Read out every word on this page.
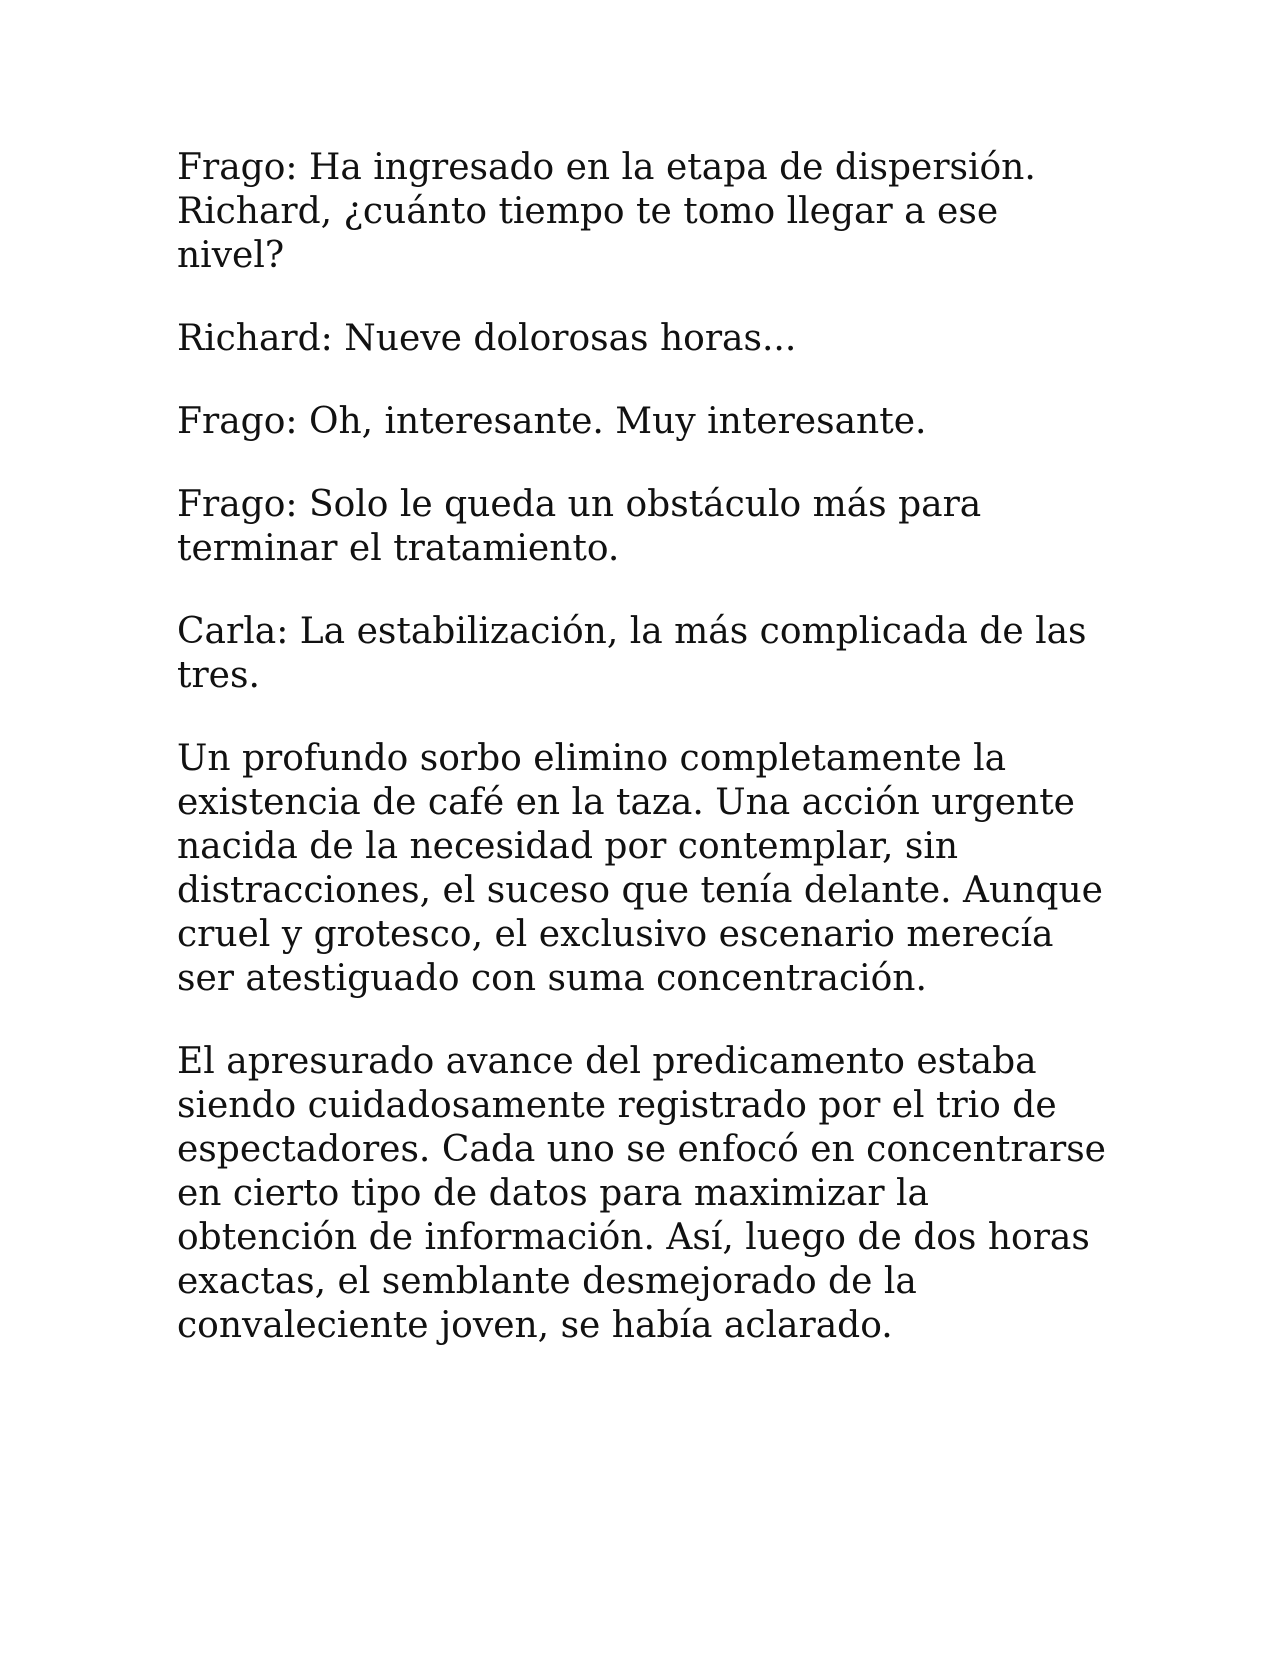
Frago: Ha ingresado en la etapa de dispersión.
Richard, ¿cuánto tiempo te tomo llegar a ese
nivel?

Richard: Nueve dolorosas horas...

Frago: Oh, interesante. Muy interesante.

Frago: Solo le queda un obstáculo más para
terminar el tratamiento.

Carla: La estabilización, la más complicada de las
tres.

Un profundo sorbo elimino completamente la
existencia de café en la taza. Una acción urgente
nacida de la necesidad por contemplar, sin
distracciones, el suceso que tenía delante. Aunque
cruel y grotesco, el exclusivo escenario merecía
ser atestiguado con suma concentración.

El apresurado avance del predicamento estaba
siendo cuidadosamente registrado por el trio de
espectadores. Cada uno se enfocó en concentrarse
en cierto tipo de datos para maximizar la
obtención de información. Así, luego de dos horas
exactas, el semblante desmejorado de la
convaleciente joven, se había aclarado.
